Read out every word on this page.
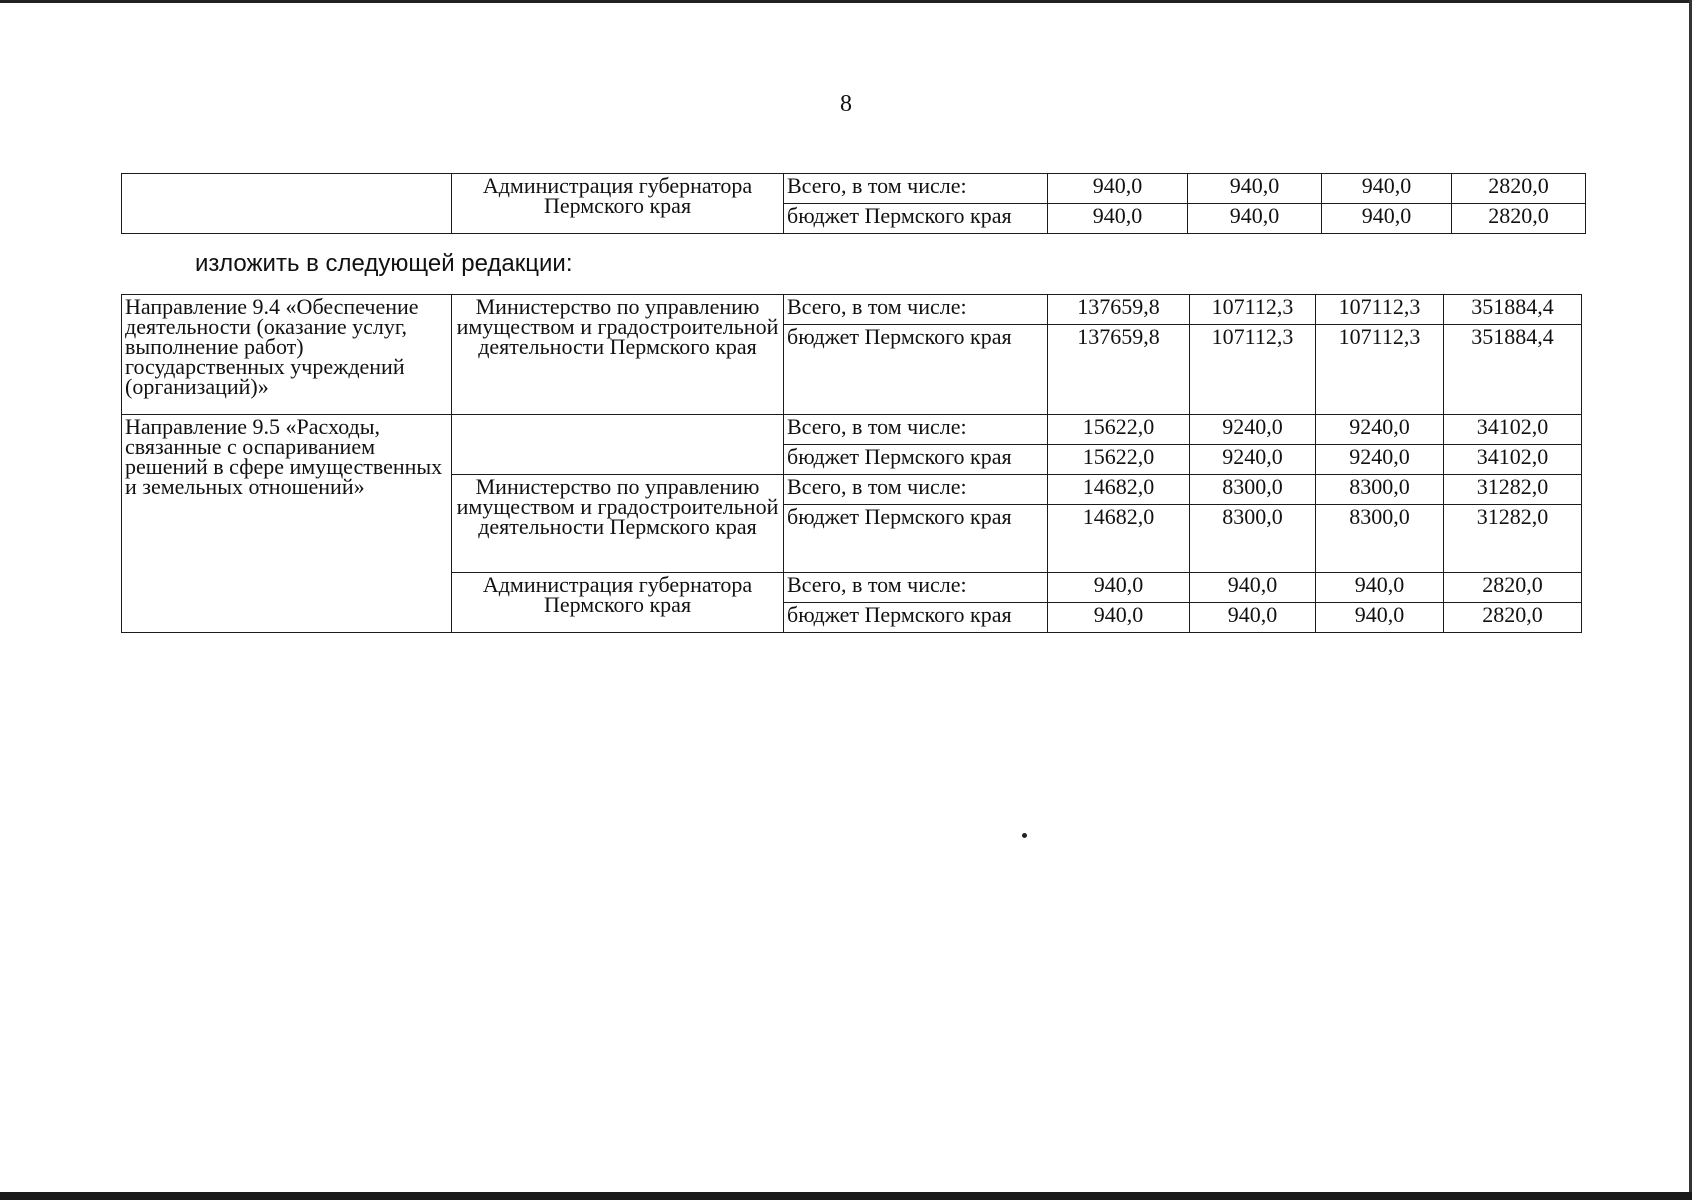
8
	Администрация губернатора Пермского края	Всего, в том числе:	940,0	940,0	940,0	2820,0
		бюджет Пермского края	940,0	940,0	940,0	2820,0
изложить в следующей редакции:
Направление 9.4 «Обеспечение деятельности (оказание услуг, выполнение работ) государственных учреждений (организаций)»	Министерство по управлению имуществом и градостроительной деятельности Пермского края	Всего, в том числе:	137659,8	107112,3	107112,3	351884,4
		бюджет Пермского края	137659,8	107112,3	107112,3	351884,4
Направление 9.5 «Расходы, связанные с оспариванием решений в сфере имущественных и земельных отношений»		Всего, в том числе:	15622,0	9240,0	9240,0	34102,0
		бюджет Пермского края	15622,0	9240,0	9240,0	34102,0
	Министерство по управлению имуществом и градостроительной деятельности Пермского края	Всего, в том числе:	14682,0	8300,0	8300,0	31282,0
		бюджет Пермского края	14682,0	8300,0	8300,0	31282,0
	Администрация губернатора Пермского края	Всего, в том числе:	940,0	940,0	940,0	2820,0
		бюджет Пермского края	940,0	940,0	940,0	2820,0
